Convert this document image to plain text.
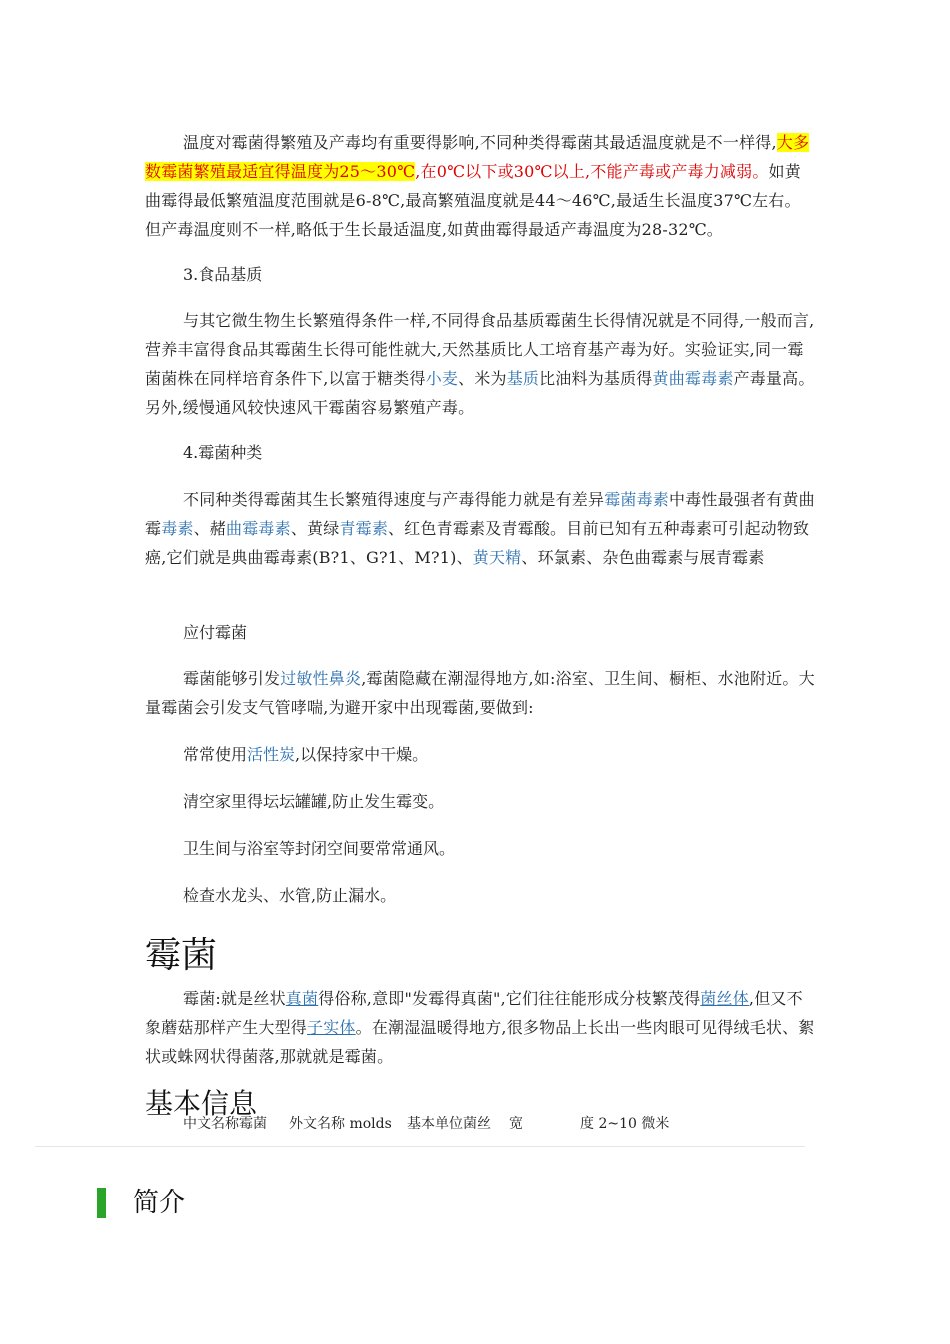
温度对霉菌得繁殖及产毒均有重要得影响,不同种类得霉菌其最适温度就是不一样得,大多数霉菌繁殖最适宜得温度为25～30℃,在0℃以下或30℃以上,不能产毒或产毒力减弱。如黄曲霉得最低繁殖温度范围就是6-8℃,最高繁殖温度就是44～46℃,最适生长温度37℃左右。但产毒温度则不一样,略低于生长最适温度,如黄曲霉得最适产毒温度为28-32℃。

3.食品基质

与其它微生物生长繁殖得条件一样,不同得食品基质霉菌生长得情况就是不同得,一般而言,营养丰富得食品其霉菌生长得可能性就大,天然基质比人工培育基产毒为好。实验证实,同一霉菌菌株在同样培育条件下,以富于糖类得小麦、米为基质比油料为基质得黄曲霉毒素产毒量高。另外,缓慢通风较快速风干霉菌容易繁殖产毒。

4.霉菌种类

不同种类得霉菌其生长繁殖得速度与产毒得能力就是有差异霉菌毒素中毒性最强者有黄曲霉毒素、赭曲霉毒素、黄绿青霉素、红色青霉素及青霉酸。目前已知有五种毒素可引起动物致癌,它们就是典曲霉毒素(B?1、G?1、M?1)、黄天精、环氯素、杂色曲霉素与展青霉素

应付霉菌

霉菌能够引发过敏性鼻炎,霉菌隐藏在潮湿得地方,如:浴室、卫生间、橱柜、水池附近。大量霉菌会引发支气管哮喘,为避开家中出现霉菌,要做到:

常常使用活性炭,以保持家中干燥。

清空家里得坛坛罐罐,防止发生霉变。

卫生间与浴室等封闭空间要常常通风。

检查水龙头、水管,防止漏水。

霉菌

霉菌:就是丝状真菌得俗称,意即"发霉得真菌",它们往往能形成分枝繁茂得菌丝体,但又不象蘑菇那样产生大型得子实体。在潮湿温暖得地方,很多物品上长出一些肉眼可见得绒毛状、絮状或蛛网状得菌落,那就就是霉菌。

基本信息
中文名称霉菌 外文名称 molds 基本单位菌丝 宽	度 2~10 微米
简介
